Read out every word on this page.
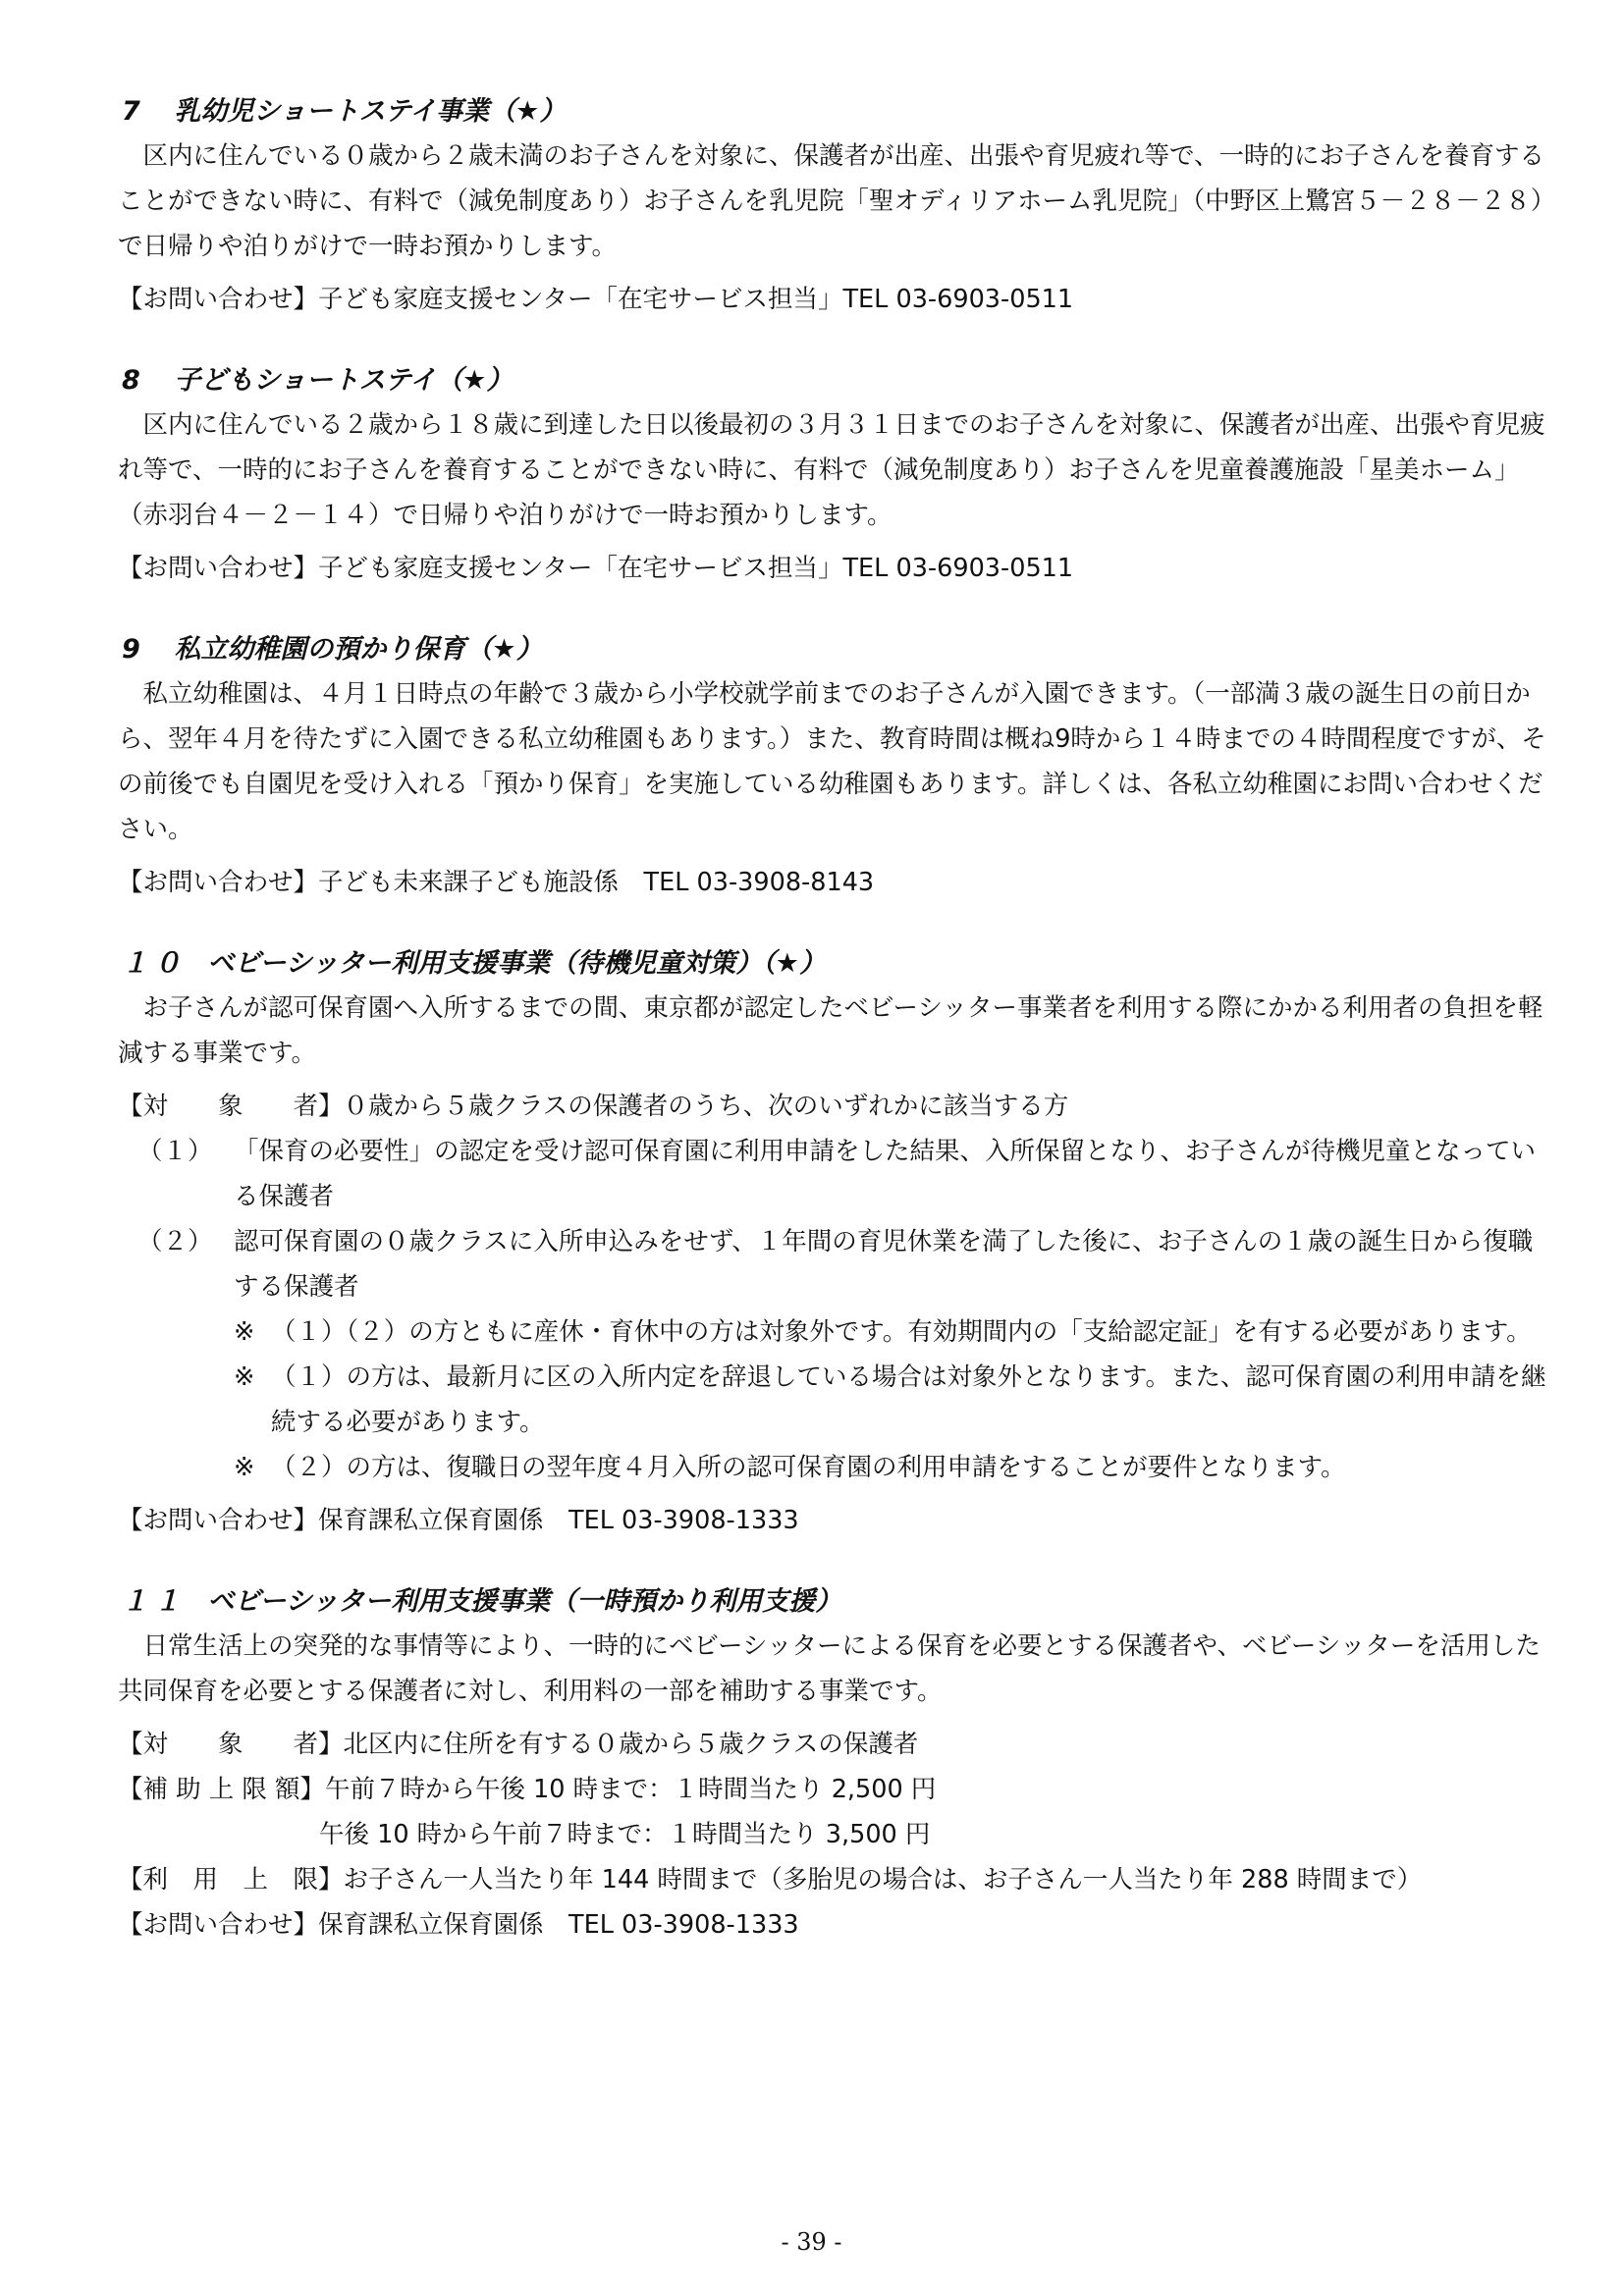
7 乳幼児ショートステイ事業（★）

区内に住んでいる０歳から２歳未満のお子さんを対象に、保護者が出産、出張や育児疲れ等で、一時的にお子さんを養育することができない時に、有料で（減免制度あり）お子さんを乳児院「聖オディリアホーム乳児院」（中野区上鷺宮５－２８－２８）で日帰りや泊りがけで一時お預かりします。

【お問い合わせ】子ども家庭支援センター「在宅サービス担当」TEL 03-6903-0511

8 子どもショートステイ（★）

区内に住んでいる２歳から１８歳に到達した日以後最初の３月３１日までのお子さんを対象に、保護者が出産、出張や育児疲れ等で、一時的にお子さんを養育することができない時に、有料で（減免制度あり）お子さんを児童養護施設「星美ホーム」（赤羽台４－２－１４）で日帰りや泊りがけで一時お預かりします。

【お問い合わせ】子ども家庭支援センター「在宅サービス担当」TEL 03-6903-0511

9 私立幼稚園の預かり保育（★）

私立幼稚園は、４月１日時点の年齢で３歳から小学校就学前までのお子さんが入園できます。（一部満３歳の誕生日の前日から、翌年４月を待たずに入園できる私立幼稚園もあります。）また、教育時間は概ね9時から１４時までの４時間程度ですが、その前後でも自園児を受け入れる「預かり保育」を実施している幼稚園もあります。詳しくは、各私立幼稚園にお問い合わせください。

【お問い合わせ】子ども未来課子ども施設係　TEL 03-3908-8143

１０ ベビーシッター利用支援事業（待機児童対策）（★）

お子さんが認可保育園へ入所するまでの間、東京都が認定したベビーシッター事業者を利用する際にかかる利用者の負担を軽減する事業です。

【対　　象　　者】 ０歳から５歳クラスの保護者のうち、次のいずれかに該当する方
（１） 「保育の必要性」の認定を受け認可保育園に利用申請をした結果、入所保留となり、お子さんが待機児童となっている保護者
（２） 認可保育園の０歳クラスに入所申込みをせず、１年間の育児休業を満了した後に、お子さんの１歳の誕生日から復職する保護者
※ （１）（２）の方ともに産休・育休中の方は対象外です。有効期間内の「支給認定証」を有する必要があります。
※ （１）の方は、最新月に区の入所内定を辞退している場合は対象外となります。また、認可保育園の利用申請を継続する必要があります。
※ （２）の方は、復職日の翌年度４月入所の認可保育園の利用申請をすることが要件となります。

【お問い合わせ】保育課私立保育園係　TEL 03-3908-1333

１１ ベビーシッター利用支援事業（一時預かり利用支援）

日常生活上の突発的な事情等により、一時的にベビーシッターによる保育を必要とする保護者や、ベビーシッターを活用した共同保育を必要とする保護者に対し、利用料の一部を補助する事業です。

【対　　象　　者】 北区内に住所を有する０歳から５歳クラスの保護者
【補 助 上 限 額】 午前７時から午後 10 時まで：１時間当たり 2,500 円
午後 10 時から午前７時まで：１時間当たり 3,500 円
【利　用　上　限】 お子さん一人当たり年 144 時間まで（多胎児の場合は、お子さん一人当たり年 288 時間まで）

【お問い合わせ】保育課私立保育園係　TEL 03-3908-1333

- 39 -
